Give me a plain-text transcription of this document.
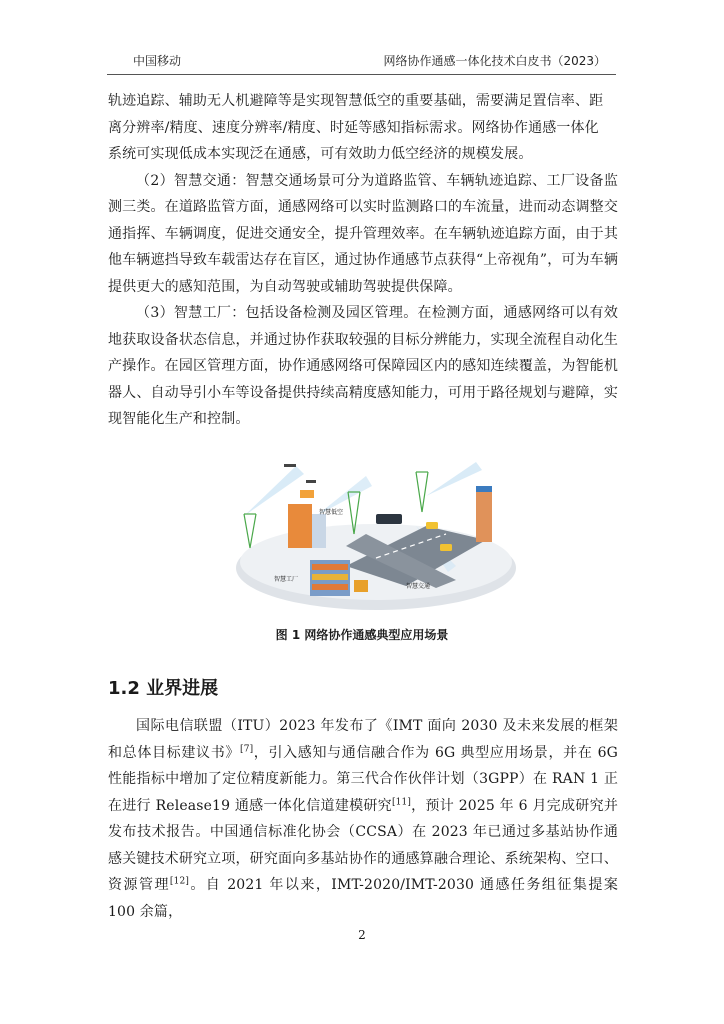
中国移动	网络协作通感一体化技术白皮书（2023）

轨迹追踪、辅助无人机避障等是实现智慧低空的重要基础，需要满足置信率、距

离分辨率/精度、速度分辨率/精度、时延等感知指标需求。网络协作通感一体化

系统可实现低成本实现泛在通感，可有效助力低空经济的规模发展。

（2）智慧交通：智慧交通场景可分为道路监管、车辆轨迹追踪、工厂设备监测三类。在道路监管方面，通感网络可以实时监测路口的车流量，进而动态调整交通指挥、车辆调度，促进交通安全，提升管理效率。在车辆轨迹追踪方面，由于其他车辆遮挡导致车载雷达存在盲区，通过协作通感节点获得“上帝视角”，可为车辆提供更大的感知范围，为自动驾驶或辅助驾驶提供保障。

（3）智慧工厂：包括设备检测及园区管理。在检测方面，通感网络可以有效地获取设备状态信息，并通过协作获取较强的目标分辨能力，实现全流程自动化生产操作。在园区管理方面，协作通感网络可保障园区内的感知连续覆盖，为智能机器人、自动导引小车等设备提供持续高精度感知能力，可用于路径规划与避障，实现智能化生产和控制。

智慧低空
智慧工厂
智慧交通
图 1 网络协作通感典型应用场景
1.2 业界进展

国际电信联盟（ITU）2023 年发布了《IMT 面向 2030 及未来发展的框架和总体目标建议书》[7]，引入感知与通信融合作为 6G 典型应用场景，并在 6G 性能指标中增加了定位精度新能力。第三代合作伙伴计划（3GPP）在 RAN 1 正在进行 Release19 通感一体化信道建模研究[11]，预计 2025 年 6 月完成研究并发布技术报告。中国通信标准化协会（CCSA）在 2023 年已通过多基站协作通感关键技术研究立项，研究面向多基站协作的通感算融合理论、系统架构、空口、资源管理[12]。自 2021 年以来，IMT-2020/IMT-2030 通感任务组征集提案 100 余篇，

2
